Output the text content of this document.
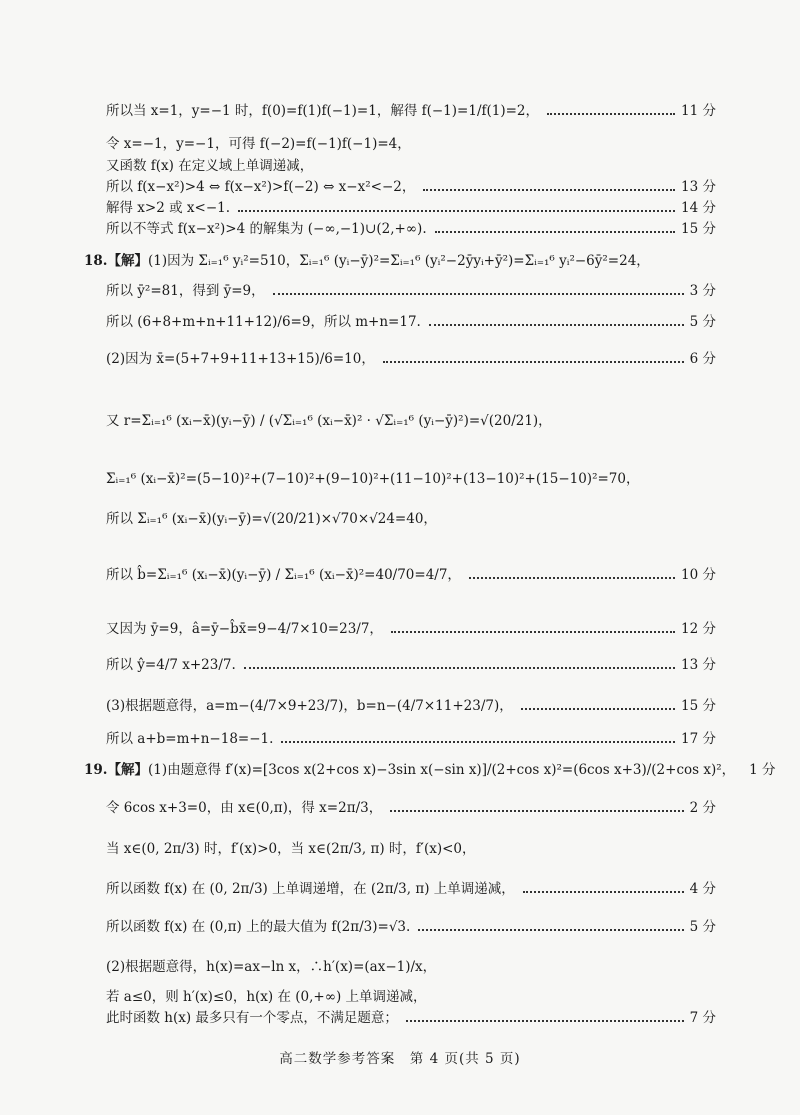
所以当 x=1，y=−1 时，f(0)=f(1)f(−1)=1，解得 f(−1)=1/f(1)=2，	11 分
令 x=−1，y=−1，可得 f(−2)=f(−1)f(−1)=4，
又函数 f(x) 在定义域上单调递减，
所以 f(x−x²)>4 ⇔ f(x−x²)>f(−2) ⇔ x−x²<−2，	13 分
解得 x>2 或 x<−1.	14 分
所以不等式 f(x−x²)>4 的解集为 (−∞,−1)∪(2,+∞).	15 分
18. 【解】 (1)因为 Σᵢ₌₁⁶ yᵢ²=510，Σᵢ₌₁⁶ (yᵢ−ȳ)²=Σᵢ₌₁⁶ (yᵢ²−2ȳyᵢ+ȳ²)=Σᵢ₌₁⁶ yᵢ²−6ȳ²=24，
所以 ȳ²=81，得到 ȳ=9，	3 分
所以 (6+8+m+n+11+12)/6=9，所以 m+n=17.	5 分
(2)因为 x̄=(5+7+9+11+13+15)/6=10，	6 分
又 r=Σᵢ₌₁⁶ (xᵢ−x̄)(yᵢ−ȳ) / (√Σᵢ₌₁⁶ (xᵢ−x̄)² · √Σᵢ₌₁⁶ (yᵢ−ȳ)²)=√(20/21)，
Σᵢ₌₁⁶ (xᵢ−x̄)²=(5−10)²+(7−10)²+(9−10)²+(11−10)²+(13−10)²+(15−10)²=70，
所以 Σᵢ₌₁⁶ (xᵢ−x̄)(yᵢ−ȳ)=√(20/21)×√70×√24=40，
所以 b̂=Σᵢ₌₁⁶ (xᵢ−x̄)(yᵢ−ȳ) / Σᵢ₌₁⁶ (xᵢ−x̄)²=40/70=4/7，	10 分
又因为 ȳ=9，â=ȳ−b̂x̄=9−4/7×10=23/7，	12 分
所以 ŷ=4/7 x+23/7.	13 分
(3)根据题意得，a=m−(4/7×9+23/7)，b=n−(4/7×11+23/7)，	15 分
所以 a+b=m+n−18=−1.	17 分
19. 【解】 (1)由题意得 f′(x)=[3cos x(2+cos x)−3sin x(−sin x)]/(2+cos x)²=(6cos x+3)/(2+cos x)²， 1 分
令 6cos x+3=0，由 x∈(0,π)，得 x=2π/3，	2 分
当 x∈(0, 2π/3) 时，f′(x)>0，当 x∈(2π/3, π) 时，f′(x)<0，
所以函数 f(x) 在 (0, 2π/3) 上单调递增，在 (2π/3, π) 上单调递减，	4 分
所以函数 f(x) 在 (0,π) 上的最大值为 f(2π/3)=√3.	5 分
(2)根据题意得，h(x)=ax−ln x，∴h′(x)=(ax−1)/x，
若 a≤0，则 h′(x)≤0，h(x) 在 (0,+∞) 上单调递减，
此时函数 h(x) 最多只有一个零点，不满足题意；	7 分
高二数学参考答案　第 4 页(共 5 页)
